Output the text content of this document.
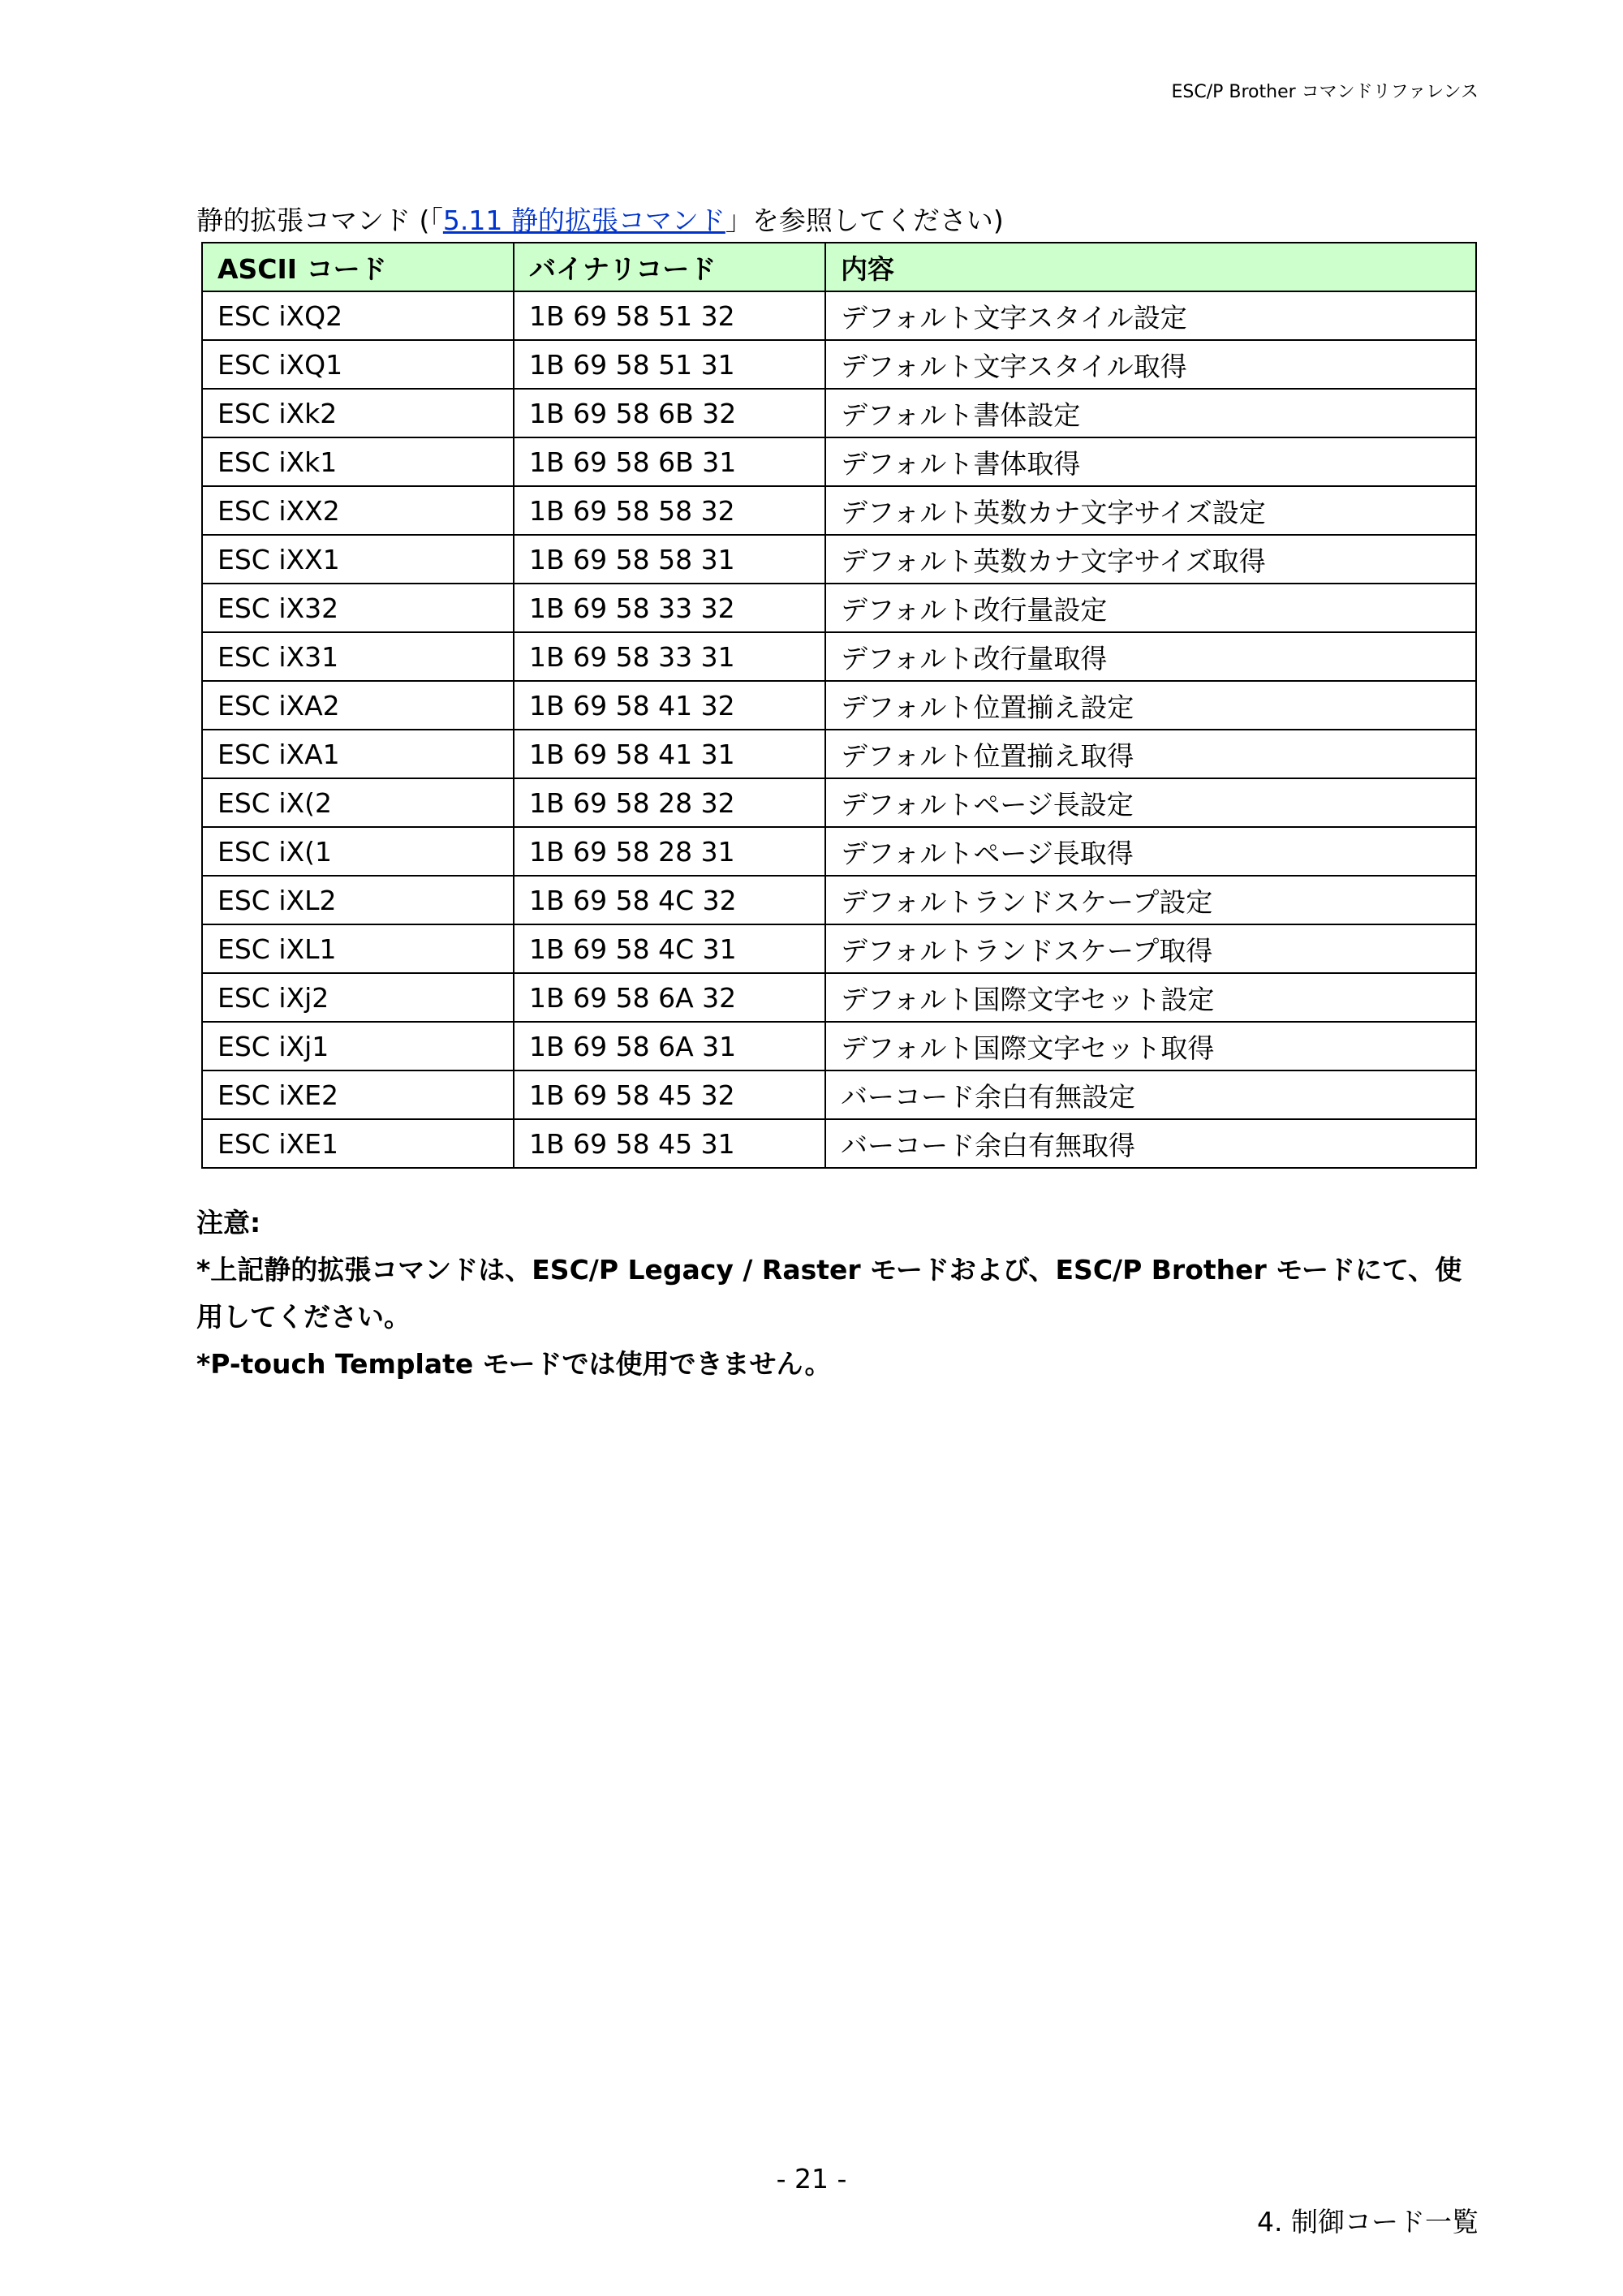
ESC/P Brother コマンドリファレンス
静的拡張コマンド (「5.11 静的拡張コマンド」を参照してください)
ASCII コード	バイナリコード	内容
ESC iXQ2	1B 69 58 51 32	デフォルト文字スタイル設定
ESC iXQ1	1B 69 58 51 31	デフォルト文字スタイル取得
ESC iXk2	1B 69 58 6B 32	デフォルト書体設定
ESC iXk1	1B 69 58 6B 31	デフォルト書体取得
ESC iXX2	1B 69 58 58 32	デフォルト英数カナ文字サイズ設定
ESC iXX1	1B 69 58 58 31	デフォルト英数カナ文字サイズ取得
ESC iX32	1B 69 58 33 32	デフォルト改行量設定
ESC iX31	1B 69 58 33 31	デフォルト改行量取得
ESC iXA2	1B 69 58 41 32	デフォルト位置揃え設定
ESC iXA1	1B 69 58 41 31	デフォルト位置揃え取得
ESC iX(2	1B 69 58 28 32	デフォルトページ長設定
ESC iX(1	1B 69 58 28 31	デフォルトページ長取得
ESC iXL2	1B 69 58 4C 32	デフォルトランドスケープ設定
ESC iXL1	1B 69 58 4C 31	デフォルトランドスケープ取得
ESC iXj2	1B 69 58 6A 32	デフォルト国際文字セット設定
ESC iXj1	1B 69 58 6A 31	デフォルト国際文字セット取得
ESC iXE2	1B 69 58 45 32	バーコード余白有無設定
ESC iXE1	1B 69 58 45 31	バーコード余白有無取得

注意:

*上記静的拡張コマンドは、ESC/P Legacy / Raster モードおよび、ESC/P Brother モードにて、使用してください。

*P-touch Template モードでは使用できません。

- 21 -
4. 制御コード一覧
